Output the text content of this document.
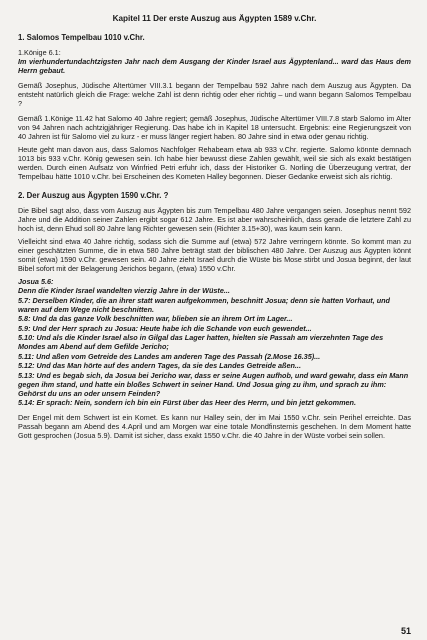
Kapitel 11 Der erste Auszug aus Ägypten 1589 v.Chr.
1. Salomos Tempelbau 1010 v.Chr.

1.Könige 6.1:

Im vierhundertundachtzigsten Jahr nach dem Ausgang der Kinder Israel aus Ägyptenland... ward das Haus dem Herrn gebaut.

Gemäß Josephus, Jüdische Altertümer VIII.3.1 begann der Tempelbau 592 Jahre nach dem Auszug aus Ägypten. Da entsteht natürlich gleich die Frage: welche Zahl ist denn richtig oder eher richtig – und wann begann Salomos Tempelbau ?

Gemäß 1.Könige 11.42 hat Salomo 40 Jahre regiert; gemäß Josephus, Jüdische Altertümer VIII.7.8 starb Salomo im Alter von 94 Jahren nach achtzigjähriger Regierung. Das habe ich in Kapitel 18 untersucht. Ergebnis: eine Regierungszeit von 40 Jahren ist für Salomo viel zu kurz - er muss länger regiert haben. 80 Jahre sind in etwa oder genau richtig.

Heute geht man davon aus, dass Salomos Nachfolger Rehabeam etwa ab 933 v.Chr. regierte. Salomo könnte demnach 1013 bis 933 v.Chr. König gewesen sein. Ich habe hier bewusst diese Zahlen gewählt, weil sie sich als exakt bestätigen werden. Durch einen Aufsatz von Winfried Petri erfuhr ich, dass der Historiker G. Norling die Überzeugung vertrat, der Tempelbau hätte 1010 v.Chr. bei Erscheinen des Kometen Halley begonnen. Dieser Gedanke erweist sich als richtig.

2. Der Auszug aus Ägypten 1590 v.Chr. ?

Die Bibel sagt also, dass vom Auszug aus Ägypten bis zum Tempelbau 480 Jahre vergangen seien. Josephus nennt 592 Jahre und die Addition seiner Zahlen ergibt sogar 612 Jahre. Es ist aber wahrscheinlich, dass gerade die letztere Zahl zu hoch ist, denn Ehud soll 80 Jahre lang Richter gewesen sein (Richter 3.15+30), was kaum sein kann.

Vielleicht sind etwa 40 Jahre richtig, sodass sich die Summe auf (etwa) 572 Jahre verringern könnte. So kommt man zu einer geschätzten Summe, die in etwa 580 Jahre beträgt statt der biblischen 480 Jahre. Der Auszug aus Ägypten könnt somit (etwa) 1590 v.Chr. gewesen sein. 40 Jahre zieht Israel durch die Wüste bis Mose stirbt und Josua beginnt, der laut Bibel sofort mit der Belagerung Jerichos begann, (etwa) 1550 v.Chr.

Josua 5.6:

Denn die Kinder Israel wandelten vierzig Jahre in der Wüste...

5.7: Derselben Kinder, die an ihrer statt waren aufgekommen, beschnitt Josua; denn sie hatten Vorhaut, und waren auf dem Wege nicht beschnitten.

5.8: Und da das ganze Volk beschnitten war, blieben sie an ihrem Ort im Lager...

5.9: Und der Herr sprach zu Josua: Heute habe ich die Schande von euch gewendet...

5.10: Und als die Kinder Israel also in Gilgal das Lager hatten, hielten sie Passah am vierzehnten Tage des Mondes am Abend auf dem Gefilde Jericho;

5.11: Und aßen vom Getreide des Landes am anderen Tage des Passah (2.Mose 16.35)...

5.12: Und das Man hörte auf des andern Tages, da sie des Landes Getreide aßen...

5.13: Und es begab sich, da Josua bei Jericho war, dass er seine Augen aufhob, und ward gewahr, dass ein Mann gegen ihm stand, und hatte ein bloßes Schwert in seiner Hand. Und Josua ging zu ihm, und sprach zu ihm: Gehörst du uns an oder unsern Feinden?

5.14: Er sprach: Nein, sondern ich bin ein Fürst über das Heer des Herrn, und bin jetzt gekommen.

Der Engel mit dem Schwert ist ein Komet. Es kann nur Halley sein, der im Mai 1550 v.Chr. sein Perihel erreichte. Das Passah begann am Abend des 4.April und am Morgen war eine totale Mondfinsternis geschehen. In dem Moment hatte Gott gesprochen (Josua 5.9). Damit ist sicher, dass exakt 1550 v.Chr. die 40 Jahre in der Wüste vorbei sein sollen.

51
